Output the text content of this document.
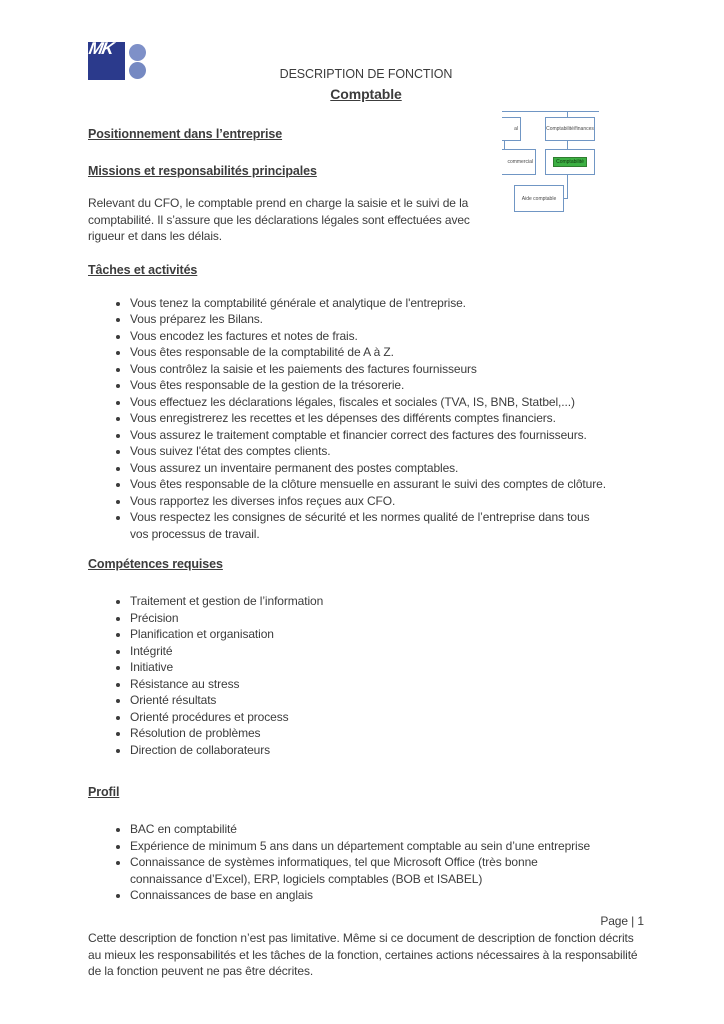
MK
al	Comptabilité/finances
commercial	Comptabilité
Aide comptable
DESCRIPTION DE FONCTION
Comptable
Positionnement dans l’entreprise
Missions et responsabilités principales

Relevant du CFO, le comptable prend en charge la saisie et le suivi de la comptabilité. Il s’assure que les déclarations légales sont effectuées avec rigueur et dans les délais.

Tâches et activités
• Vous tenez la comptabilité générale et analytique de l'entreprise.
• Vous préparez les Bilans.
• Vous encodez les factures et notes de frais.
• Vous êtes responsable de la comptabilité de A à Z.
• Vous contrôlez la saisie et les paiements des factures fournisseurs
• Vous êtes responsable de la gestion de la trésorerie.
• Vous effectuez les déclarations légales, fiscales et sociales (TVA, IS, BNB, Statbel,...)
• Vous enregistrerez les recettes et les dépenses des différents comptes financiers.
• Vous assurez le traitement comptable et financier correct des factures des fournisseurs.
• Vous suivez l'état des comptes clients.
• Vous assurez un inventaire permanent des postes comptables.
• Vous êtes responsable de la clôture mensuelle en assurant le suivi des comptes de clôture.
• Vous rapportez les diverses infos reçues aux CFO.
• Vous respectez les consignes de sécurité et les normes qualité de l’entreprise dans tous vos processus de travail.
Compétences requises
• Traitement et gestion de l’information
• Précision
• Planification et organisation
• Intégrité
• Initiative
• Résistance au stress
• Orienté résultats
• Orienté procédures et process
• Résolution de problèmes
• Direction de collaborateurs
Profil
• BAC en comptabilité
• Expérience de minimum 5 ans dans un département comptable au sein d’une entreprise
• Connaissance de systèmes informatiques, tel que Microsoft Office (très bonne connaissance d’Excel), ERP, logiciels comptables (BOB et ISABEL)
• Connaissances de base en anglais
Page | 1

Cette description de fonction n’est pas limitative. Même si ce document de description de fonction décrits au mieux les responsabilités et les tâches de la fonction, certaines actions nécessaires à la responsabilité de la fonction peuvent ne pas être décrites.
